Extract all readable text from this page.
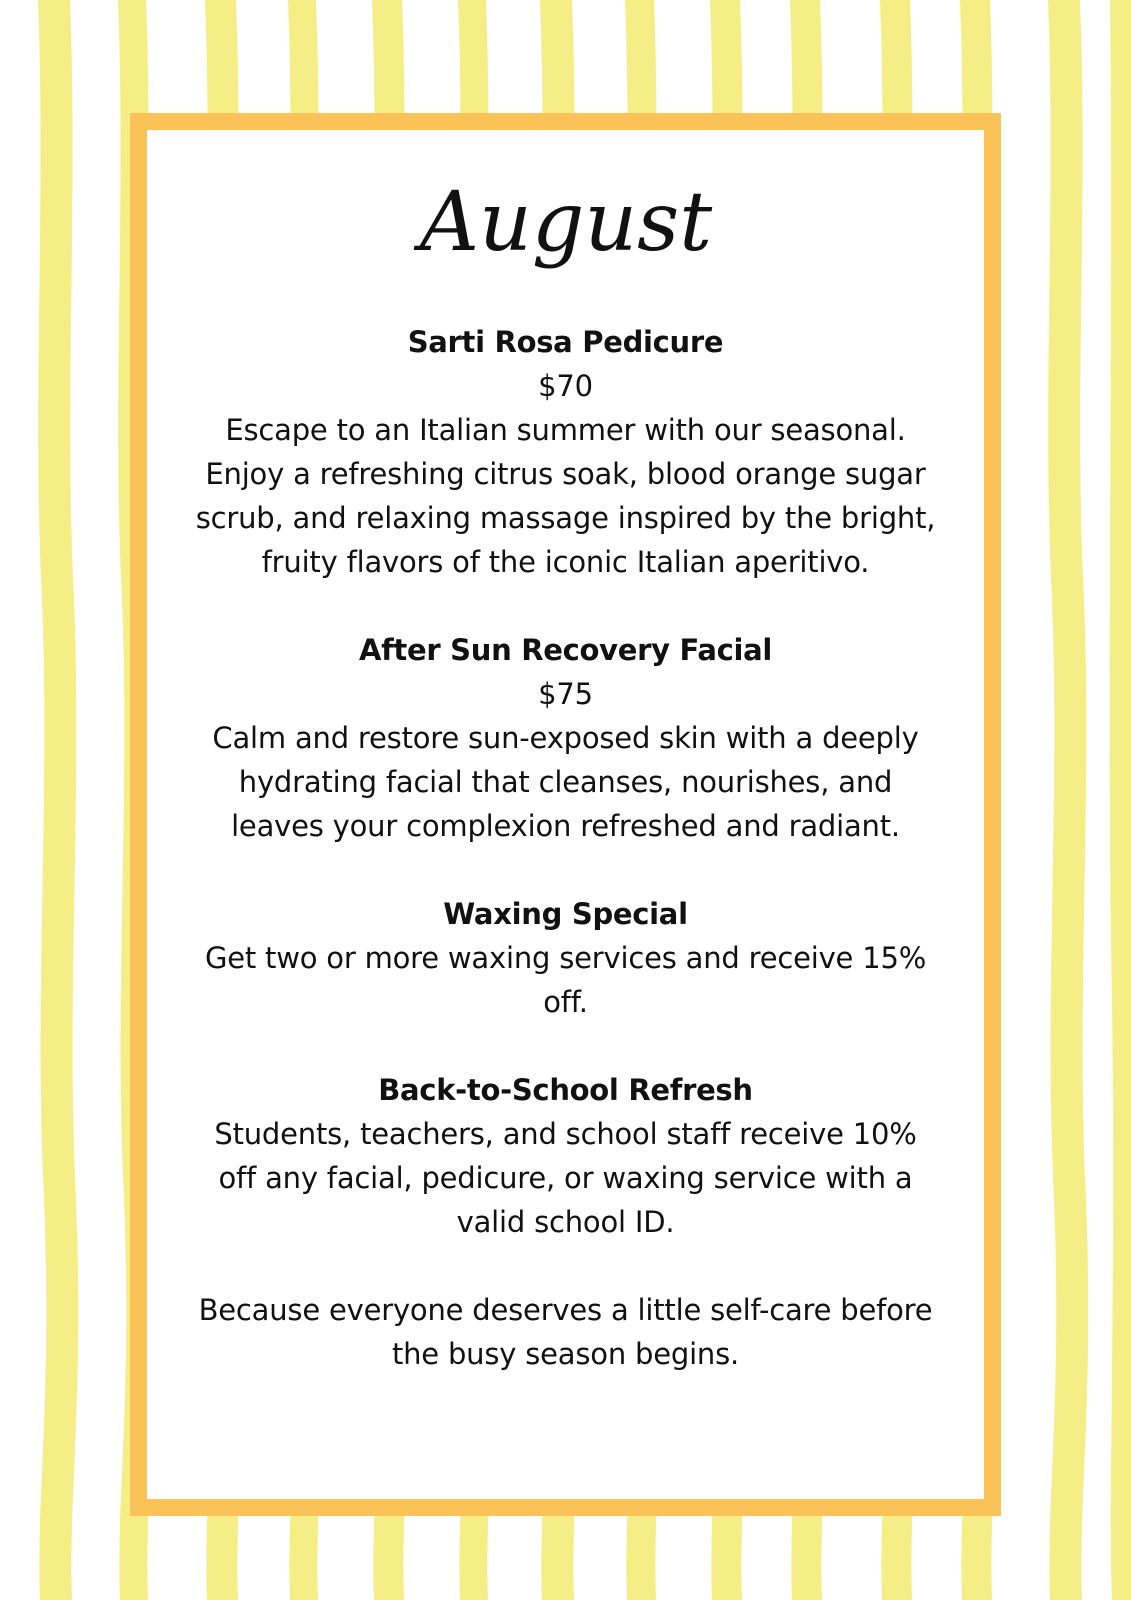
August
Sarti Rosa Pedicure
$70
Escape to an Italian summer with our seasonal. Enjoy a refreshing citrus soak, blood orange sugar scrub, and relaxing massage inspired by the bright, fruity flavors of the iconic Italian aperitivo.
After Sun Recovery Facial
$75
Calm and restore sun-exposed skin with a deeply hydrating facial that cleanses, nourishes, and leaves your complexion refreshed and radiant.
Waxing Special
Get two or more waxing services and receive 15% off.
Back-to-School Refresh
Students, teachers, and school staff receive 10% off any facial, pedicure, or waxing service with a valid school ID.
Because everyone deserves a little self-care before the busy season begins.
